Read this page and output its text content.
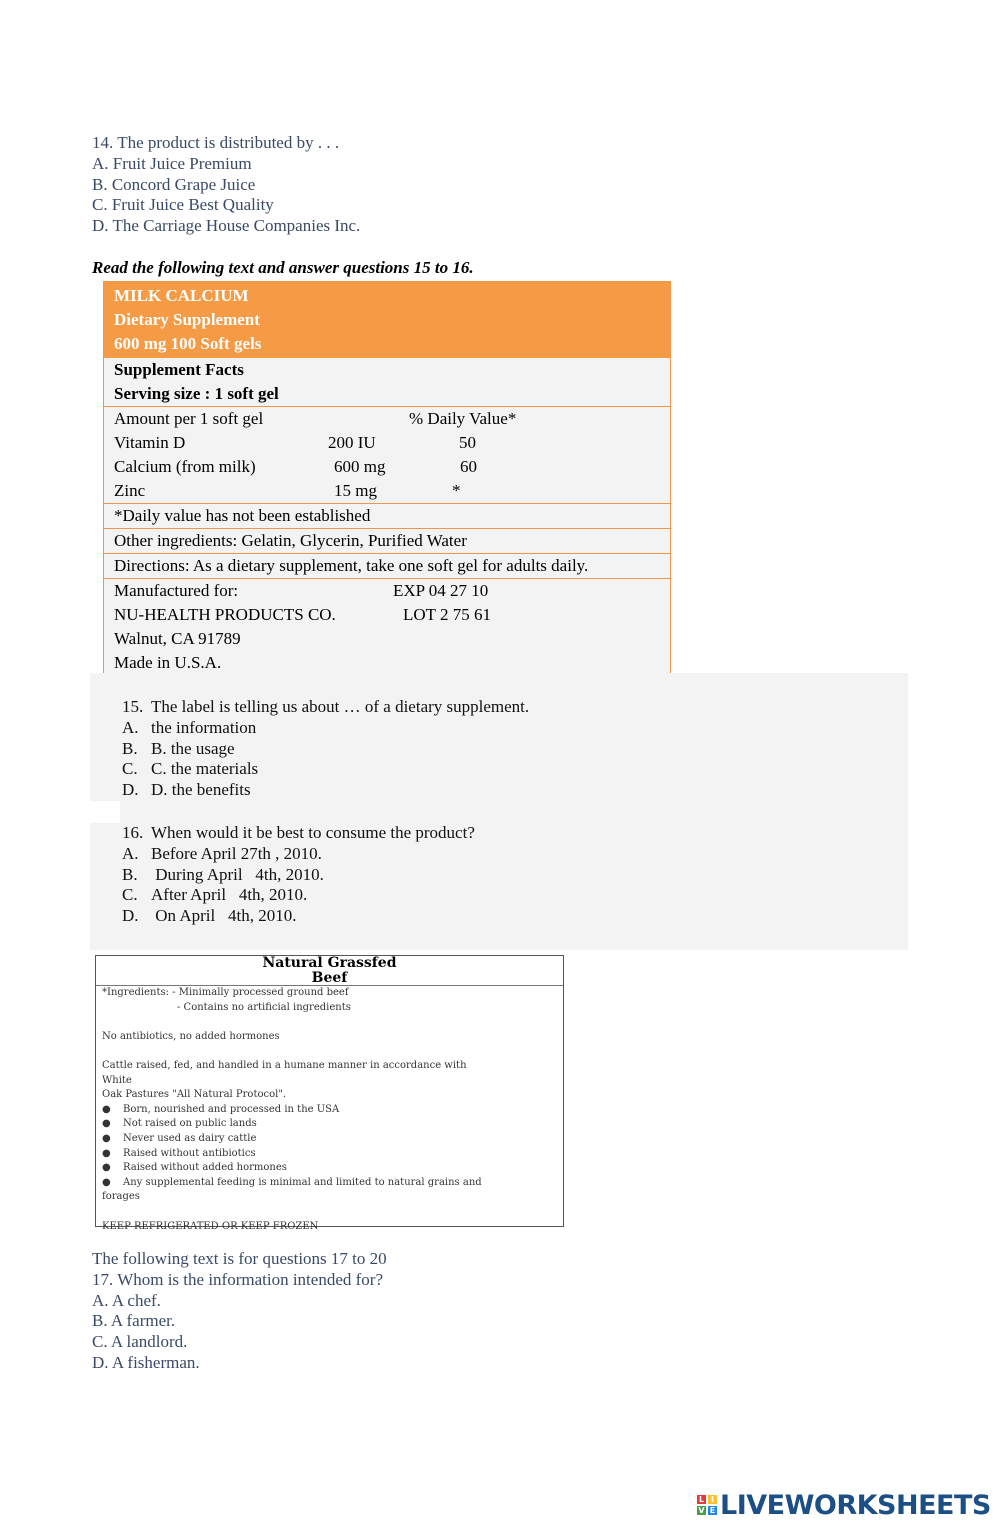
14. The product is distributed by . . .
A. Fruit Juice Premium
B. Concord Grape Juice
C. Fruit Juice Best Quality
D. The Carriage House Companies Inc.
Read the following text and answer questions 15 to 16.
MILK CALCIUM
Dietary Supplement
600 mg 100 Soft gels
Supplement Facts
Serving size : 1 soft gel
Amount per 1 soft gel	% Daily Value*
Vitamin D	200 IU	50
Calcium (from milk)	600 mg	60
Zinc	15 mg	*
*Daily value has not been established
Other ingredients: Gelatin, Glycerin, Purified Water
Directions: As a dietary supplement, take one soft gel for adults daily.
Manufactured for:	EXP 04 27 10
NU-HEALTH PRODUCTS CO.	LOT 2 75 61
Walnut, CA 91789
Made in U.S.A.
15. The label is telling us about … of a dietary supplement.
A. the information
B. B. the usage
C. C. the materials
D. D. the benefits
16. When would it be best to consume the product?
A. Before April 27th , 2010.
B. During April   4th, 2010.
C. After April   4th, 2010.
D. On April   4th, 2010.
Natural Grassfed
Beef
*Ingredients: - Minimally processed ground beef
- Contains no artificial ingredients
No antibiotics, no added hormones
Cattle raised, fed, and handled in a humane manner in accordance with
White
Oak Pastures "All Natural Protocol".
● Born, nourished and processed in the USA
● Not raised on public lands
● Never used as dairy cattle
● Raised without antibiotics
● Raised without added hormones
● Any supplemental feeding is minimal and limited to natural grains and
forages
KEEP REFRIGERATED OR KEEP FROZEN
The following text is for questions 17 to 20
17. Whom is the information intended for?
A. A chef.
B. A farmer.
C. A landlord.
D. A fisherman.
L I
V E LIVEWORKSHEETS
